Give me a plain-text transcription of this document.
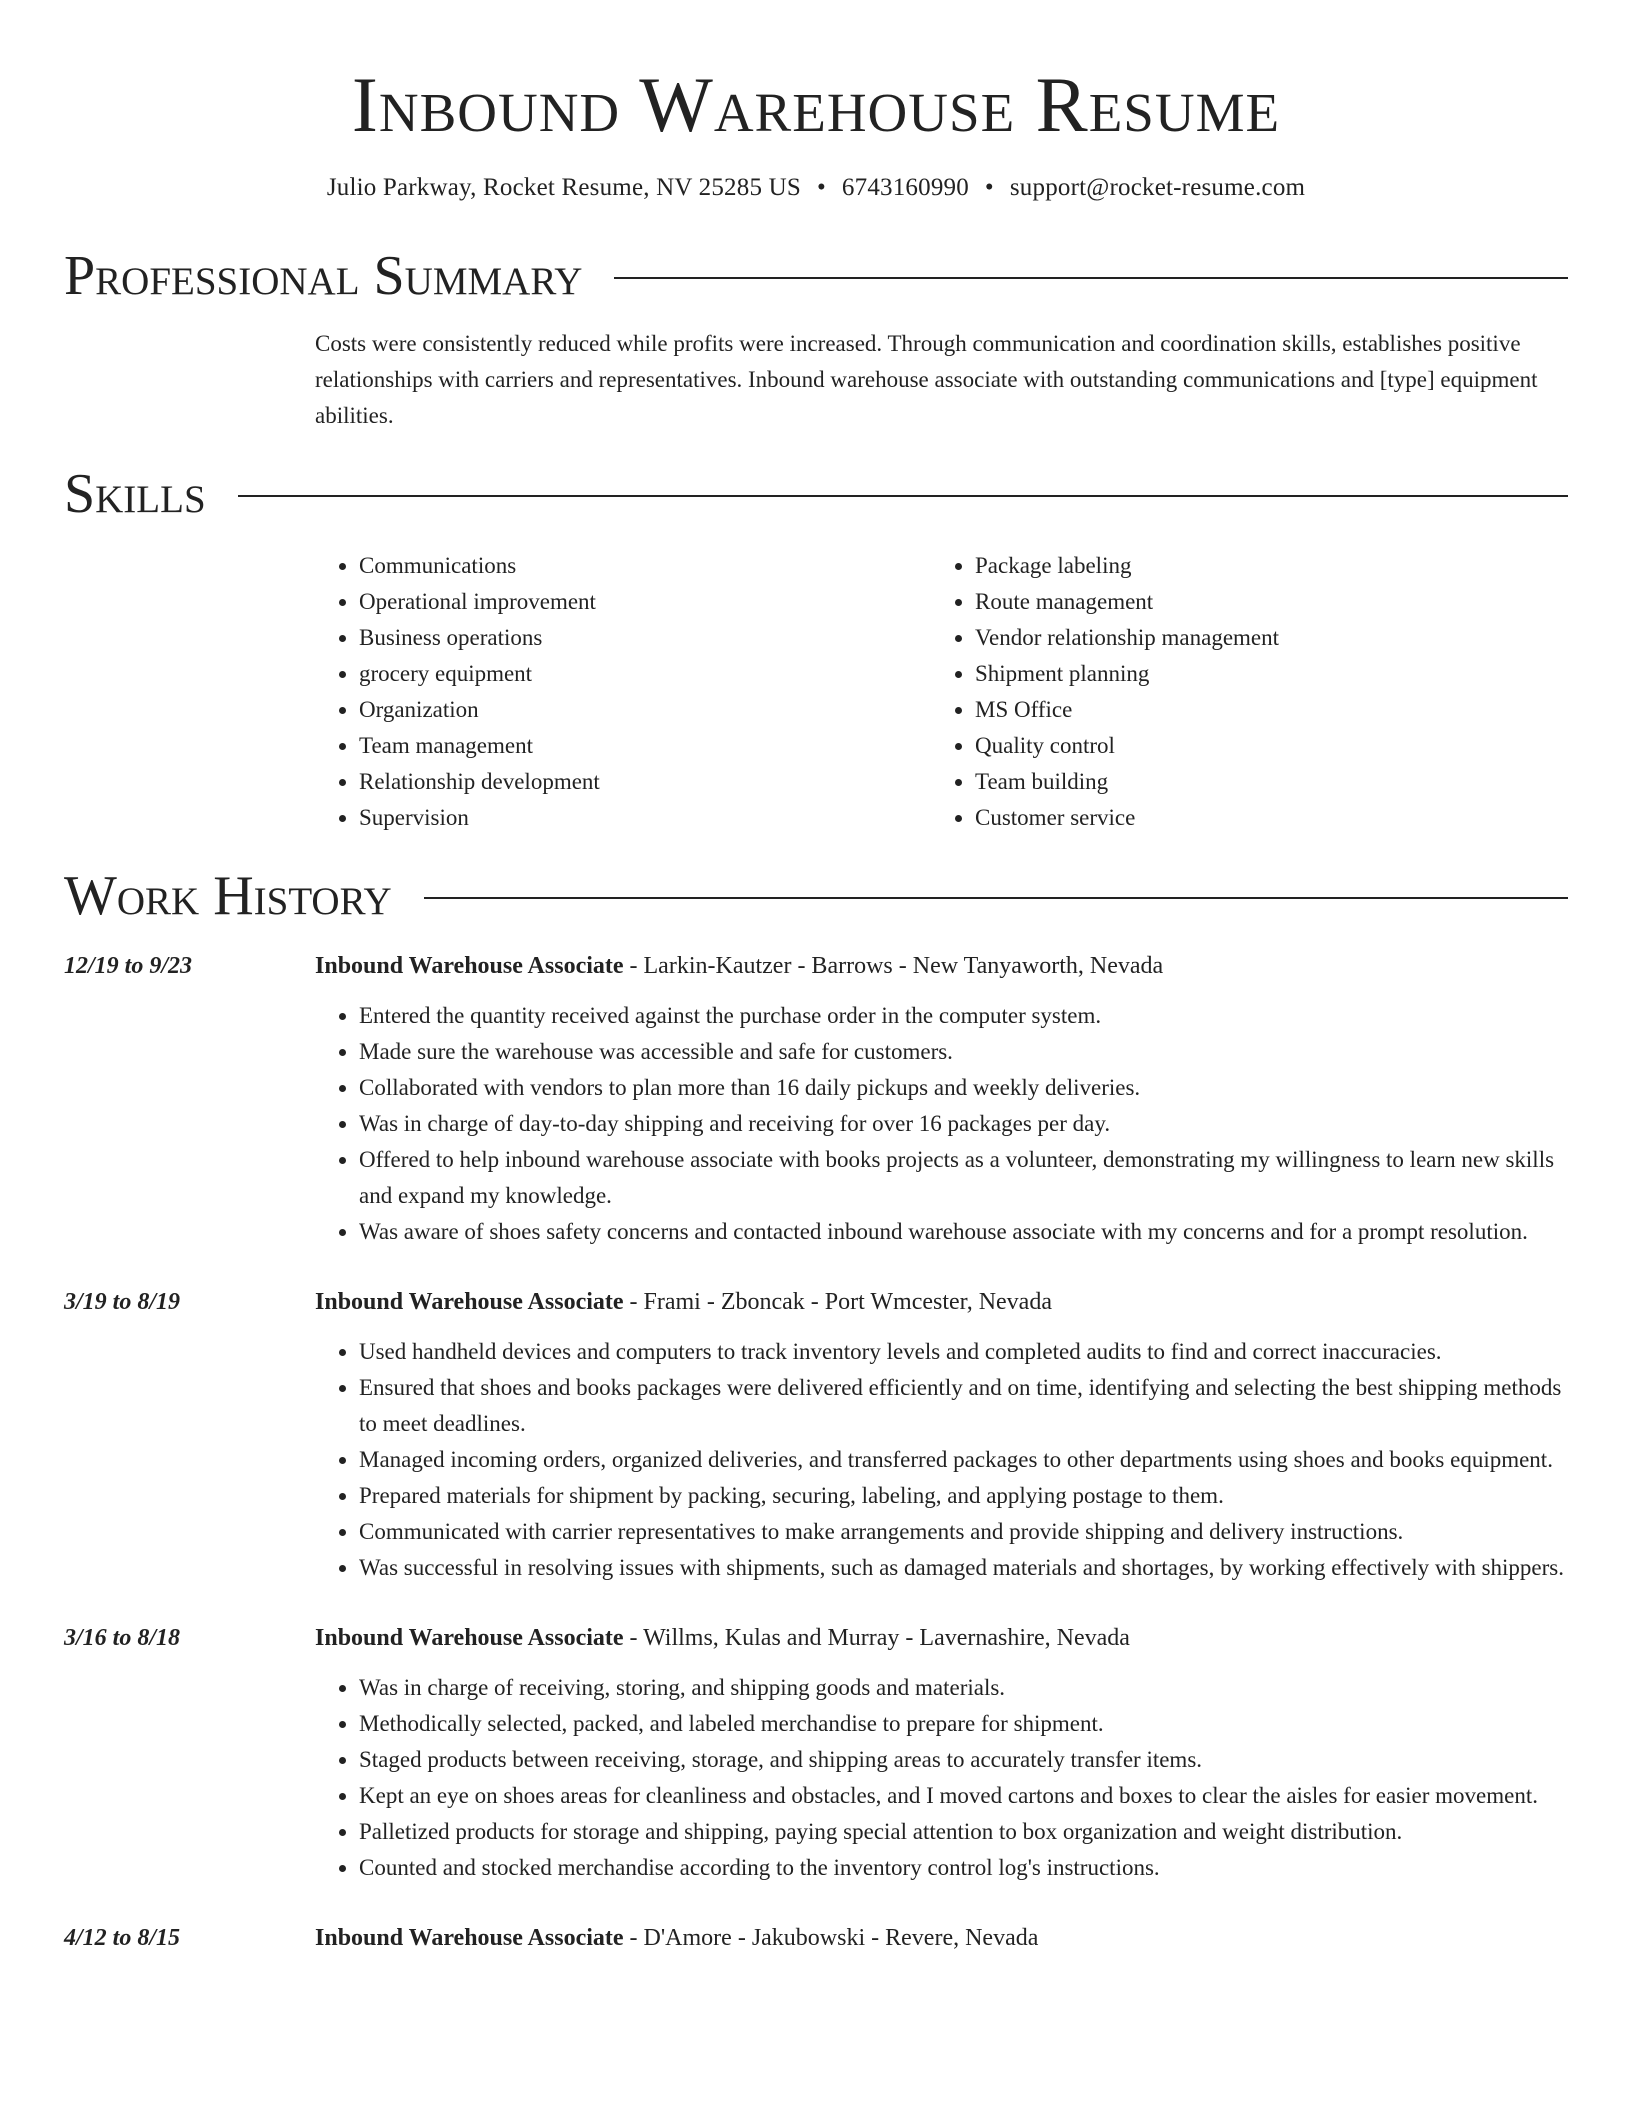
Inbound Warehouse Resume
Julio Parkway, Rocket Resume, NV 25285 US • 6743160990 • support@rocket-resume.com
Professional Summary
Costs were consistently reduced while profits were increased. Through communication and coordination skills, establishes positive relationships with carriers and representatives. Inbound warehouse associate with outstanding communications and [type] equipment abilities.
Skills
• Communications
• Operational improvement
• Business operations
• grocery equipment
• Organization
• Team management
• Relationship development
• Supervision
• Package labeling
• Route management
• Vendor relationship management
• Shipment planning
• MS Office
• Quality control
• Team building
• Customer service
Work History
12/19 to 9/23	Inbound Warehouse Associate - Larkin-Kautzer - Barrows - New Tanyaworth, Nevada
• Entered the quantity received against the purchase order in the computer system.
• Made sure the warehouse was accessible and safe for customers.
• Collaborated with vendors to plan more than 16 daily pickups and weekly deliveries.
• Was in charge of day-to-day shipping and receiving for over 16 packages per day.
• Offered to help inbound warehouse associate with books projects as a volunteer, demonstrating my willingness to learn new skills and expand my knowledge.
• Was aware of shoes safety concerns and contacted inbound warehouse associate with my concerns and for a prompt resolution.
3/19 to 8/19	Inbound Warehouse Associate - Frami - Zboncak - Port Wmcester, Nevada
• Used handheld devices and computers to track inventory levels and completed audits to find and correct inaccuracies.
• Ensured that shoes and books packages were delivered efficiently and on time, identifying and selecting the best shipping methods to meet deadlines.
• Managed incoming orders, organized deliveries, and transferred packages to other departments using shoes and books equipment.
• Prepared materials for shipment by packing, securing, labeling, and applying postage to them.
• Communicated with carrier representatives to make arrangements and provide shipping and delivery instructions.
• Was successful in resolving issues with shipments, such as damaged materials and shortages, by working effectively with shippers.
3/16 to 8/18	Inbound Warehouse Associate - Willms, Kulas and Murray - Lavernashire, Nevada
• Was in charge of receiving, storing, and shipping goods and materials.
• Methodically selected, packed, and labeled merchandise to prepare for shipment.
• Staged products between receiving, storage, and shipping areas to accurately transfer items.
• Kept an eye on shoes areas for cleanliness and obstacles, and I moved cartons and boxes to clear the aisles for easier movement.
• Palletized products for storage and shipping, paying special attention to box organization and weight distribution.
• Counted and stocked merchandise according to the inventory control log's instructions.
4/12 to 8/15	Inbound Warehouse Associate - D'Amore - Jakubowski - Revere, Nevada
